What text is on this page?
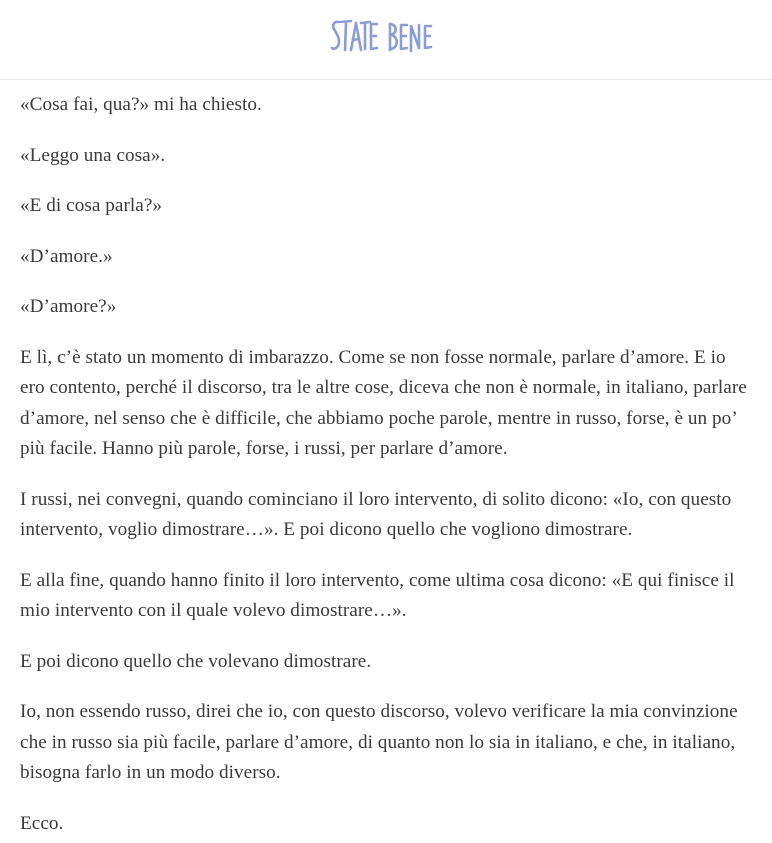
«Cosa fai, qua?» mi ha chiesto.

«Leggo una cosa».

«E di cosa parla?»

«D’amore.»

«D’amore?»

E lì, c’è stato un momento di imbarazzo. Come se non fosse normale, parlare d’amore. E io ero contento, perché il discorso, tra le altre cose, diceva che non è normale, in italiano, parlare d’amore, nel senso che è difficile, che abbiamo poche parole, mentre in russo, forse, è un po’ più facile. Hanno più parole, forse, i russi, per parlare d’amore.

I russi, nei convegni, quando cominciano il loro intervento, di solito dicono: «Io, con questo intervento, voglio dimostrare…». E poi dicono quello che vogliono dimostrare.

E alla fine, quando hanno finito il loro intervento, come ultima cosa dicono: «E qui finisce il mio intervento con il quale volevo dimostrare…».

E poi dicono quello che volevano dimostrare.

Io, non essendo russo, direi che io, con questo discorso, volevo verificare la mia convinzione che in russo sia più facile, parlare d’amore, di quanto non lo sia in italiano, e che, in italiano, bisogna farlo in un modo diverso.

Ecco.
